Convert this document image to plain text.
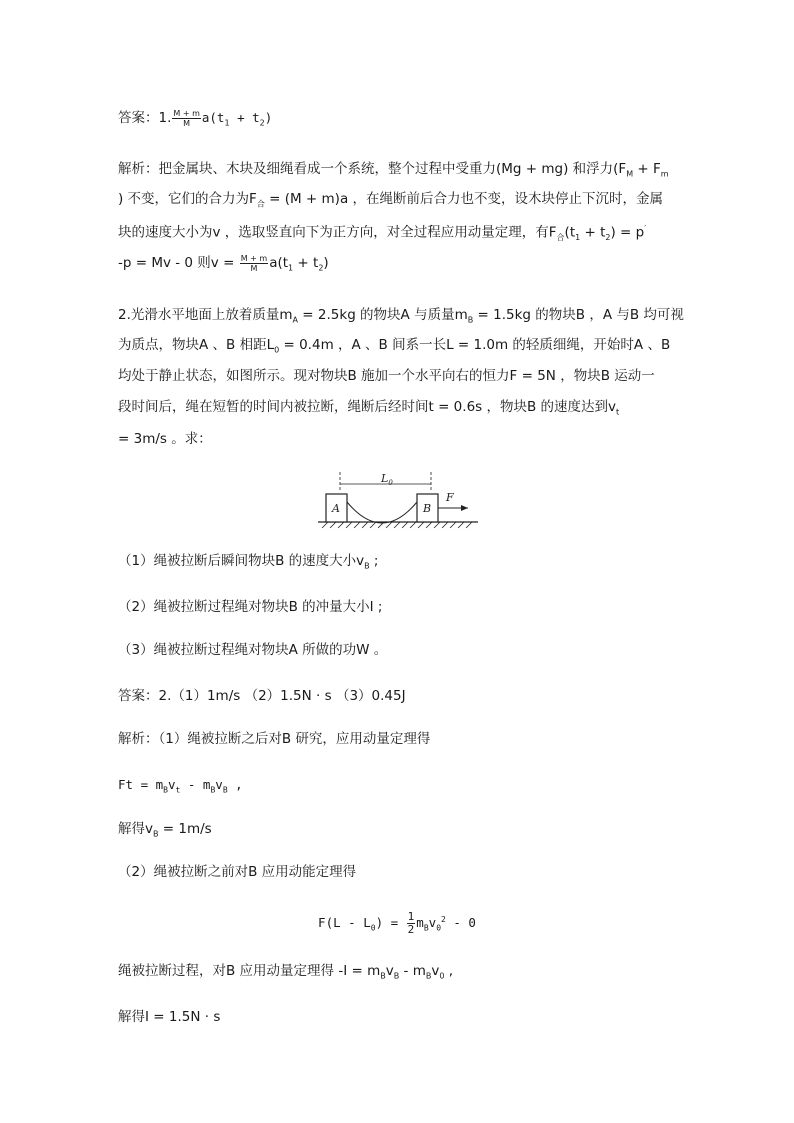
答案：1. $\frac{M + m}{M} a(t_1 + t_2)$
解析：把金属块、木块及细绳看成一个系统，整个过程中受重力(Mg + mg) 和浮力($F_M + F_m$
) 不变，它们的合力为$F_合 = (M + m)a$ ，在绳断前后合力也不变，设木块停止下沉时，金属
块的速度大小为v ，选取竖直向下为正方向，对全过程应用动量定理，有$F_合(t_1 + t_2) = p'$
-p = Mv - 0 则$v = \frac{M + m}{M} a(t_1 + t_2)$
2.光滑水平地面上放着质量$m_A = 2.5kg$ 的物块A 与质量$m_B = 1.5kg$ 的物块B ，A 与B 均可视
为质点，物块A 、B 相距$L_0 = 0.4m$ ，A 、B 间系一长L = 1.0m 的轻质细绳，开始时A 、B
均处于静止状态，如图所示。现对物块B 施加一个水平向右的恒力F = 5N ，物块B 运动一
段时间后，绳在短暂的时间内被拉断，绳断后经时间t = 0.6s ，物块B 的速度达到$v_t$
= 3m/s 。求：
$L_0$
A	B
F
（1）绳被拉断后瞬间物块B 的速度大小$v_B$ ;
（2）绳被拉断过程绳对物块B 的冲量大小I ;
（3）绳被拉断过程绳对物块A 所做的功W 。
答案：2.（1）1m/s （2）1.5N · s （3）0.45J
解析：（1）绳被拉断之后对B 研究，应用动量定理得
$Ft = m_Bv_t - m_Bv_B$ ,
解得$v_B = 1m/s$
（2）绳被拉断之前对B 应用动能定理得
$F(L - L_0) = \frac{1}{2} m_Bv_0^2 - 0$
绳被拉断过程，对B 应用动量定理得 $-I = m_Bv_B - m_Bv_0$ ,
解得I = 1.5N · s
